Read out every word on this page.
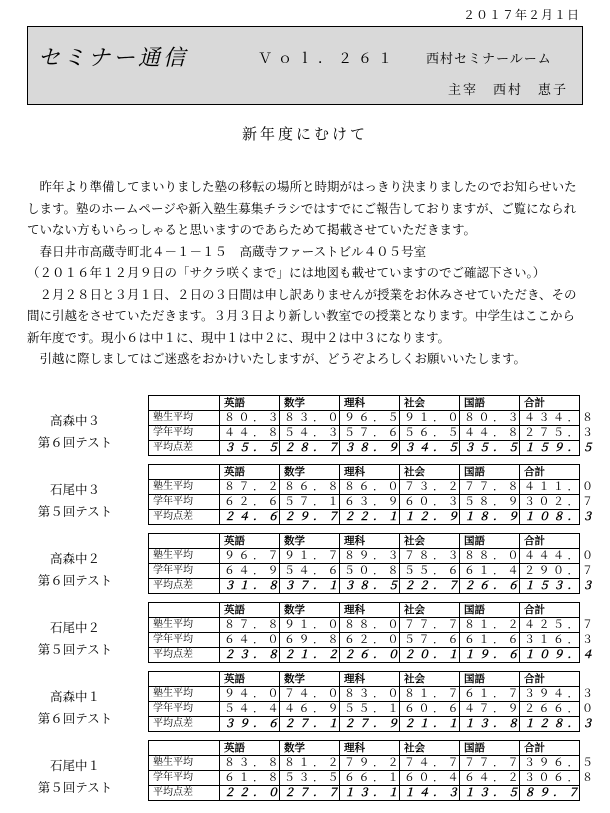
２０１７年２月１日
セミナー通信	Ｖｏｌ．２６１ 西村セミナールーム
主宰　西村　恵子
新年度にむけて

昨年より準備してまいりました塾の移転の場所と時期がはっきり決まりましたのでお知らせいたします。塾のホームページや新入塾生募集チラシではすでにご報告しておりますが、ご覧になられていない方もいらっしゃると思いますのであらためて掲載させていただきます。

春日井市高蔵寺町北４－１－１５　高蔵寺ファーストビル４０５号室

（２０１６年１２月９日の「サクラ咲くまで」には地図も載せていますのでご確認下さい。）

２月２８日と３月１日、２日の３日間は申し訳ありませんが授業をお休みさせていただき、その間に引越をさせていただきます。３月３日より新しい教室での授業となります。中学生はここから新年度です。現小６は中１に、現中１は中２に、現中２は中３になります。

引越に際しましてはご迷惑をおかけいたしますが、どうぞよろしくお願いいたします。

高森中３
第６回テスト
	英語	数学	理科	社会	国語	合計
塾生平均	８０．３	８３．０	９６．５	９１．０	８０．３	４３４．８
学年平均	４４．８	５４．３	５７．６	５６．５	４４．８	２７５．３
平均点差	３５．５	２８．７	３８．９	３４．５	３５．５	１５９．５
石尾中３
第５回テスト
	英語	数学	理科	社会	国語	合計
塾生平均	８７．２	８６．８	８６．０	７３．２	７７．８	４１１．０
学年平均	６２．６	５７．１	６３．９	６０．３	５８．９	３０２．７
平均点差	２４．６	２９．７	２２．１	１２．９	１８．９	１０８．３
高森中２
第６回テスト
	英語	数学	理科	社会	国語	合計
塾生平均	９６．７	９１．７	８９．３	７８．３	８８．０	４４４．０
学年平均	６４．９	５４．６	５０．８	５５．６	６１．４	２９０．７
平均点差	３１．８	３７．１	３８．５	２２．７	２６．６	１５３．３
石尾中２
第５回テスト
	英語	数学	理科	社会	国語	合計
塾生平均	８７．８	９１．０	８８．０	７７．７	８１．２	４２５．７
学年平均	６４．０	６９．８	６２．０	５７．６	６１．６	３１６．３
平均点差	２３．８	２１．２	２６．０	２０．１	１９．６	１０９．４
高森中１
第６回テスト
	英語	数学	理科	社会	国語	合計
塾生平均	９４．０	７４．０	８３．０	８１．７	６１．７	３９４．３
学年平均	５４．４	４６．９	５５．１	６０．６	４７．９	２６６．０
平均点差	３９．６	２７．１	２７．９	２１．１	１３．８	１２８．３
石尾中１
第５回テスト
	英語	数学	理科	社会	国語	合計
塾生平均	８３．８	８１．２	７９．２	７４．７	７７．７	３９６．５
学年平均	６１．８	５３．５	６６．１	６０．４	６４．２	３０６．８
平均点差	２２．０	２７．７	１３．１	１４．３	１３．５	８９．７
